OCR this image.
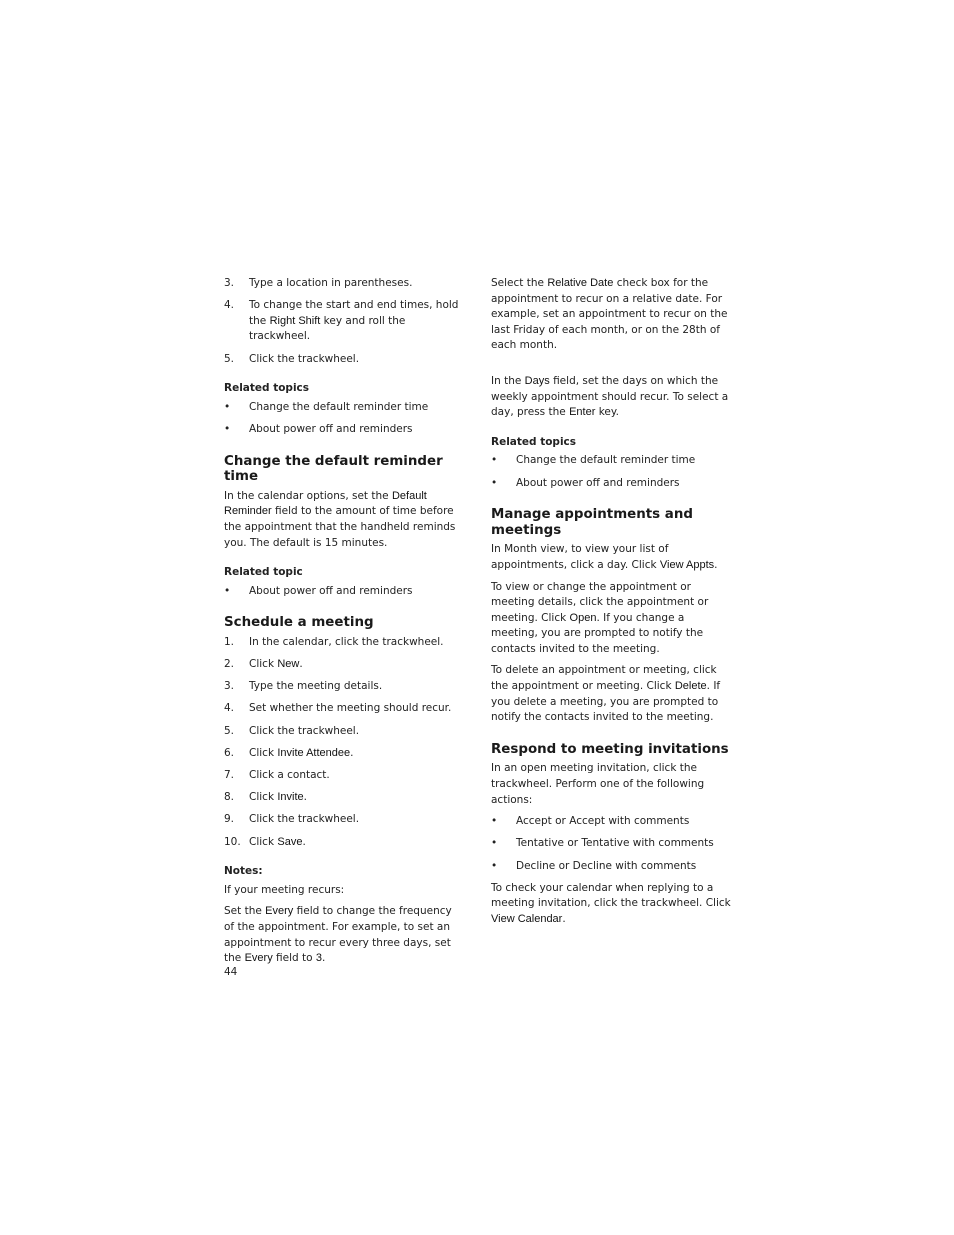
3.	Type a location in parentheses.
4.	To change the start and end times, hold the Right Shift key and roll the trackwheel.
5.	Click the trackwheel.
Related topics
•	Change the default reminder time
•	About power off and reminders
Change the default reminder time

In the calendar options, set the Default Reminder field to the amount of time before the appointment that the handheld reminds you. The default is 15 minutes.

Related topic
•	About power off and reminders
Schedule a meeting
1.	In the calendar, click the trackwheel.
2.	Click New.
3.	Type the meeting details.
4.	Set whether the meeting should recur.
5.	Click the trackwheel.
6.	Click Invite Attendee.
7.	Click a contact.
8.	Click Invite.
9.	Click the trackwheel.
10. Click Save.
Notes:

If your meeting recurs:

Set the Every field to change the frequency of the appointment. For example, to set an appointment to recur every three days, set the Every field to 3.

Select the Relative Date check box for the appointment to recur on a relative date. For example, set an appointment to recur on the last Friday of each month, or on the 28th of each month.

In the Days field, set the days on which the weekly appointment should recur. To select a day, press the Enter key.

Related topics
•	Change the default reminder time
•	About power off and reminders
Manage appointments and meetings

In Month view, to view your list of appointments, click a day. Click View Appts.

To view or change the appointment or meeting details, click the appointment or meeting. Click Open. If you change a meeting, you are prompted to notify the contacts invited to the meeting.

To delete an appointment or meeting, click the appointment or meeting. Click Delete. If you delete a meeting, you are prompted to notify the contacts invited to the meeting.

Respond to meeting invitations

In an open meeting invitation, click the trackwheel. Perform one of the following actions:

•	Accept or Accept with comments
•	Tentative or Tentative with comments
•	Decline or Decline with comments

To check your calendar when replying to a meeting invitation, click the trackwheel. Click View Calendar.

44
